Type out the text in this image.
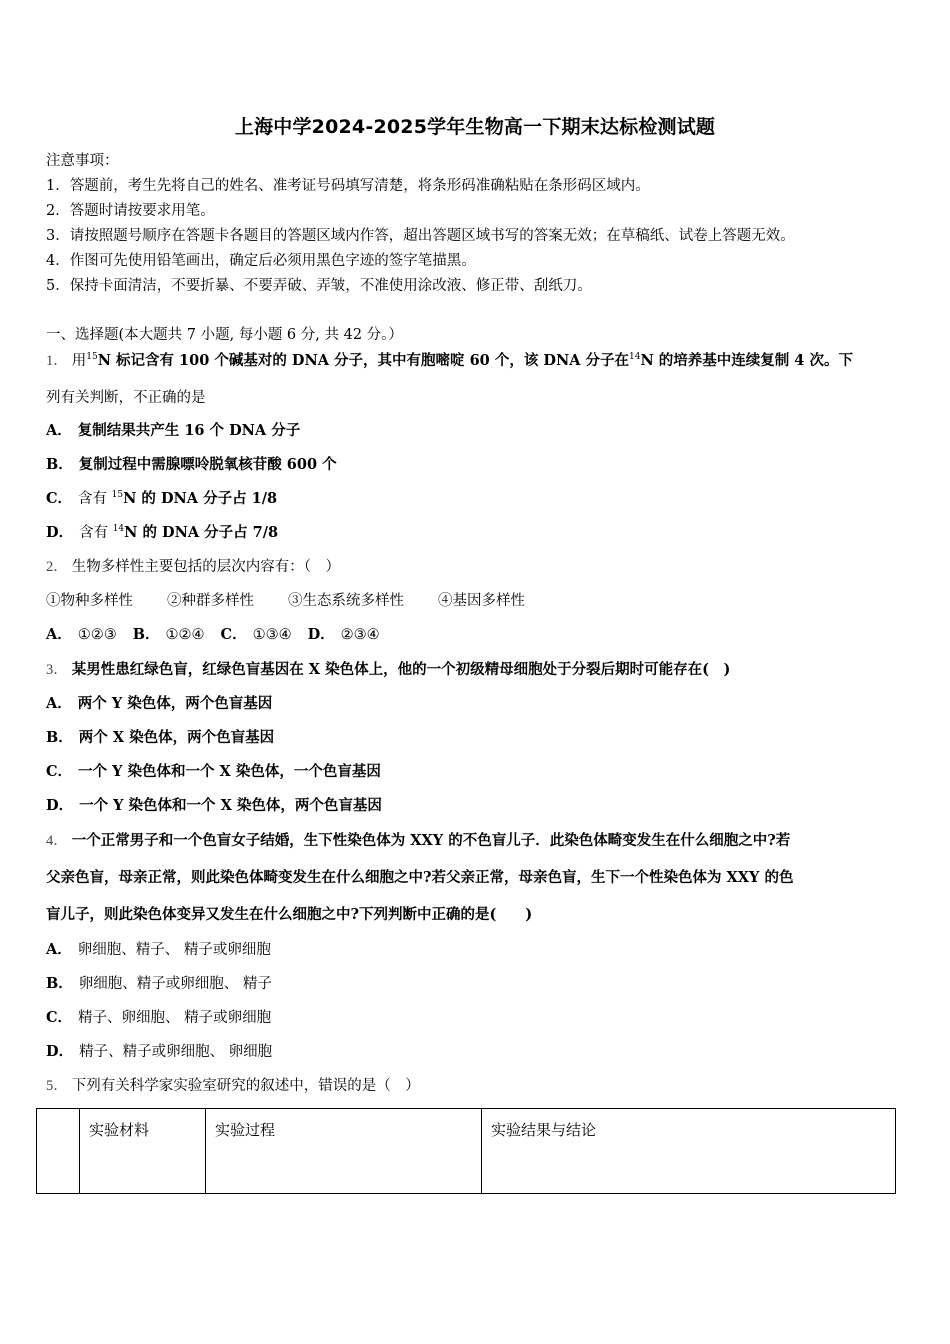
上海中学2024-2025学年生物高一下期末达标检测试题
注意事项：
1．答题前，考生先将自己的姓名、准考证号码填写清楚，将条形码准确粘贴在条形码区域内。
2．答题时请按要求用笔。
3．请按照题号顺序在答题卡各题目的答题区域内作答，超出答题区域书写的答案无效；在草稿纸、试卷上答题无效。
4．作图可先使用铅笔画出，确定后必须用黑色字迹的签字笔描黑。
5．保持卡面清洁，不要折暴、不要弄破、弄皱，不准使用涂改液、修正带、刮纸刀。
一、选择题(本大题共 7 小题, 每小题 6 分, 共 42 分。）
1． 用$^{15}$N 标记含有 100 个碱基对的 DNA 分子，其中有胞嘧啶 60 个，该 DNA 分子在$^{14}$N 的培养基中连续复制 4 次。下
列有关判断，不正确的是
A． 复制结果共产生 16 个 DNA 分子
B． 复制过程中需腺嘌呤脱氧核苷酸 600 个
C． 含有 $^{15}$N 的 DNA 分子占 1/8
D． 含有 $^{14}$N 的 DNA 分子占 7/8
2． 生物多样性主要包括的层次内容有：（　）
①物种多样性 ②种群多样性 ③生态系统多样性 ④基因多样性
A． ①②③ B． ①②④ C． ①③④ D． ②③④
3． 某男性患红绿色盲，红绿色盲基因在 X 染色体上，他的一个初级精母细胞处于分裂后期时可能存在(　)
A． 两个 Y 染色体，两个色盲基因
B． 两个 X 染色体，两个色盲基因
C． 一个 Y 染色体和一个 X 染色体，一个色盲基因
D． 一个 Y 染色体和一个 X 染色体，两个色盲基因
4． 一个正常男子和一个色盲女子结婚，生下性染色体为 XXY 的不色盲儿子．此染色体畸变发生在什么细胞之中?若
父亲色盲，母亲正常，则此染色体畸变发生在什么细胞之中?若父亲正常，母亲色盲，生下一个性染色体为 XXY 的色
盲儿子，则此染色体变异又发生在什么细胞之中?下列判断中正确的是(　　)
A． 卵细胞、精子、 精子或卵细胞
B． 卵细胞、精子或卵细胞、 精子
C． 精子、卵细胞、 精子或卵细胞
D． 精子、精子或卵细胞、 卵细胞
5． 下列有关科学家实验室研究的叙述中，错误的是（　）
	实验材料	实验过程	实验结果与结论
